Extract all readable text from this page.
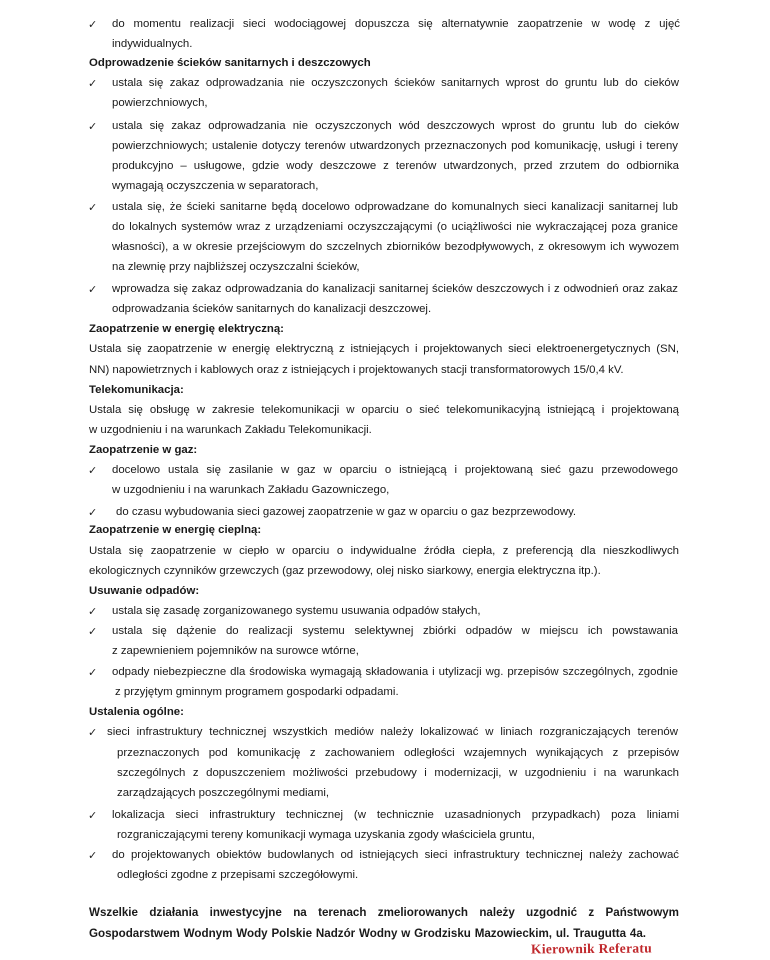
✓ do momentu realizacji sieci wodociągowej dopuszcza się alternatywnie zaopatrzenie w wodę z ujęć
indywidualnych.
Odprowadzenie ścieków sanitarnych i deszczowych
✓ ustala się zakaz odprowadzania nie oczyszczonych ścieków sanitarnych wprost do gruntu lub do cieków
powierzchniowych,
✓ ustala się zakaz odprowadzania nie oczyszczonych wód deszczowych wprost do gruntu lub do cieków
powierzchniowych; ustalenie dotyczy terenów utwardzonych przeznaczonych pod komunikację, usługi i tereny
produkcyjno – usługowe, gdzie wody deszczowe z terenów utwardzonych, przed zrzutem do odbiornika
wymagają oczyszczenia w separatorach,
✓ ustala się, że ścieki sanitarne będą docelowo odprowadzane do komunalnych sieci kanalizacji sanitarnej lub
do lokalnych systemów wraz z urządzeniami oczyszczającymi (o uciążliwości nie wykraczającej poza granice
własności), a w okresie przejściowym do szczelnych zbiorników bezodpływowych, z okresowym ich wywozem
na zlewnię przy najbliższej oczyszczalni ścieków,
✓ wprowadza się zakaz odprowadzania do kanalizacji sanitarnej ścieków deszczowych i z odwodnień oraz zakaz
odprowadzania ścieków sanitarnych do kanalizacji deszczowej.
Zaopatrzenie w energię elektryczną:
Ustala się zaopatrzenie w energię elektryczną z istniejących i projektowanych sieci elektroenergetycznych (SN,
NN) napowietrznych i kablowych oraz z istniejących i projektowanych stacji transformatorowych 15/0,4 kV.
Telekomunikacja:
Ustala się obsługę w zakresie telekomunikacji w oparciu o sieć telekomunikacyjną istniejącą i projektowaną
w uzgodnieniu i na warunkach Zakładu Telekomunikacji.
Zaopatrzenie w gaz:
✓ docelowo ustala się zasilanie w gaz w oparciu o istniejącą i projektowaną sieć gazu przewodowego
w uzgodnieniu i na warunkach Zakładu Gazowniczego,
✓ do czasu wybudowania sieci gazowej zaopatrzenie w gaz w oparciu o gaz bezprzewodowy.
Zaopatrzenie w energię cieplną:
Ustala się zaopatrzenie w ciepło w oparciu o indywidualne źródła ciepła, z preferencją dla nieszkodliwych
ekologicznych czynników grzewczych (gaz przewodowy, olej nisko siarkowy, energia elektryczna itp.).
Usuwanie odpadów:
✓ ustala się zasadę zorganizowanego systemu usuwania odpadów stałych,
✓ ustala się dążenie do realizacji systemu selektywnej zbiórki odpadów w miejscu ich powstawania
z zapewnieniem pojemników na surowce wtórne,
✓ odpady niebezpieczne dla środowiska wymagają składowania i utylizacji wg. przepisów szczególnych, zgodnie
z przyjętym gminnym programem gospodarki odpadami.
Ustalenia ogólne:
✓ sieci infrastruktury technicznej wszystkich mediów należy lokalizować w liniach rozgraniczających terenów
przeznaczonych pod komunikację z zachowaniem odległości wzajemnych wynikających z przepisów
szczególnych z dopuszczeniem możliwości przebudowy i modernizacji, w uzgodnieniu i na warunkach
zarządzających poszczególnymi mediami,
✓ lokalizacja sieci infrastruktury technicznej (w technicznie uzasadnionych przypadkach) poza liniami
rozgraniczającymi tereny komunikacji wymaga uzyskania zgody właściciela gruntu,
✓ do projektowanych obiektów budowlanych od istniejących sieci infrastruktury technicznej należy zachować
odległości zgodne z przepisami szczegółowymi.
Wszelkie działania inwestycyjne na terenach zmeliorowanych należy uzgodnić z Państwowym
Gospodarstwem Wodnym Wody Polskie Nadzór Wodny w Grodzisku Mazowieckim, ul. Traugutta 4a.
Kierownik Referatu
